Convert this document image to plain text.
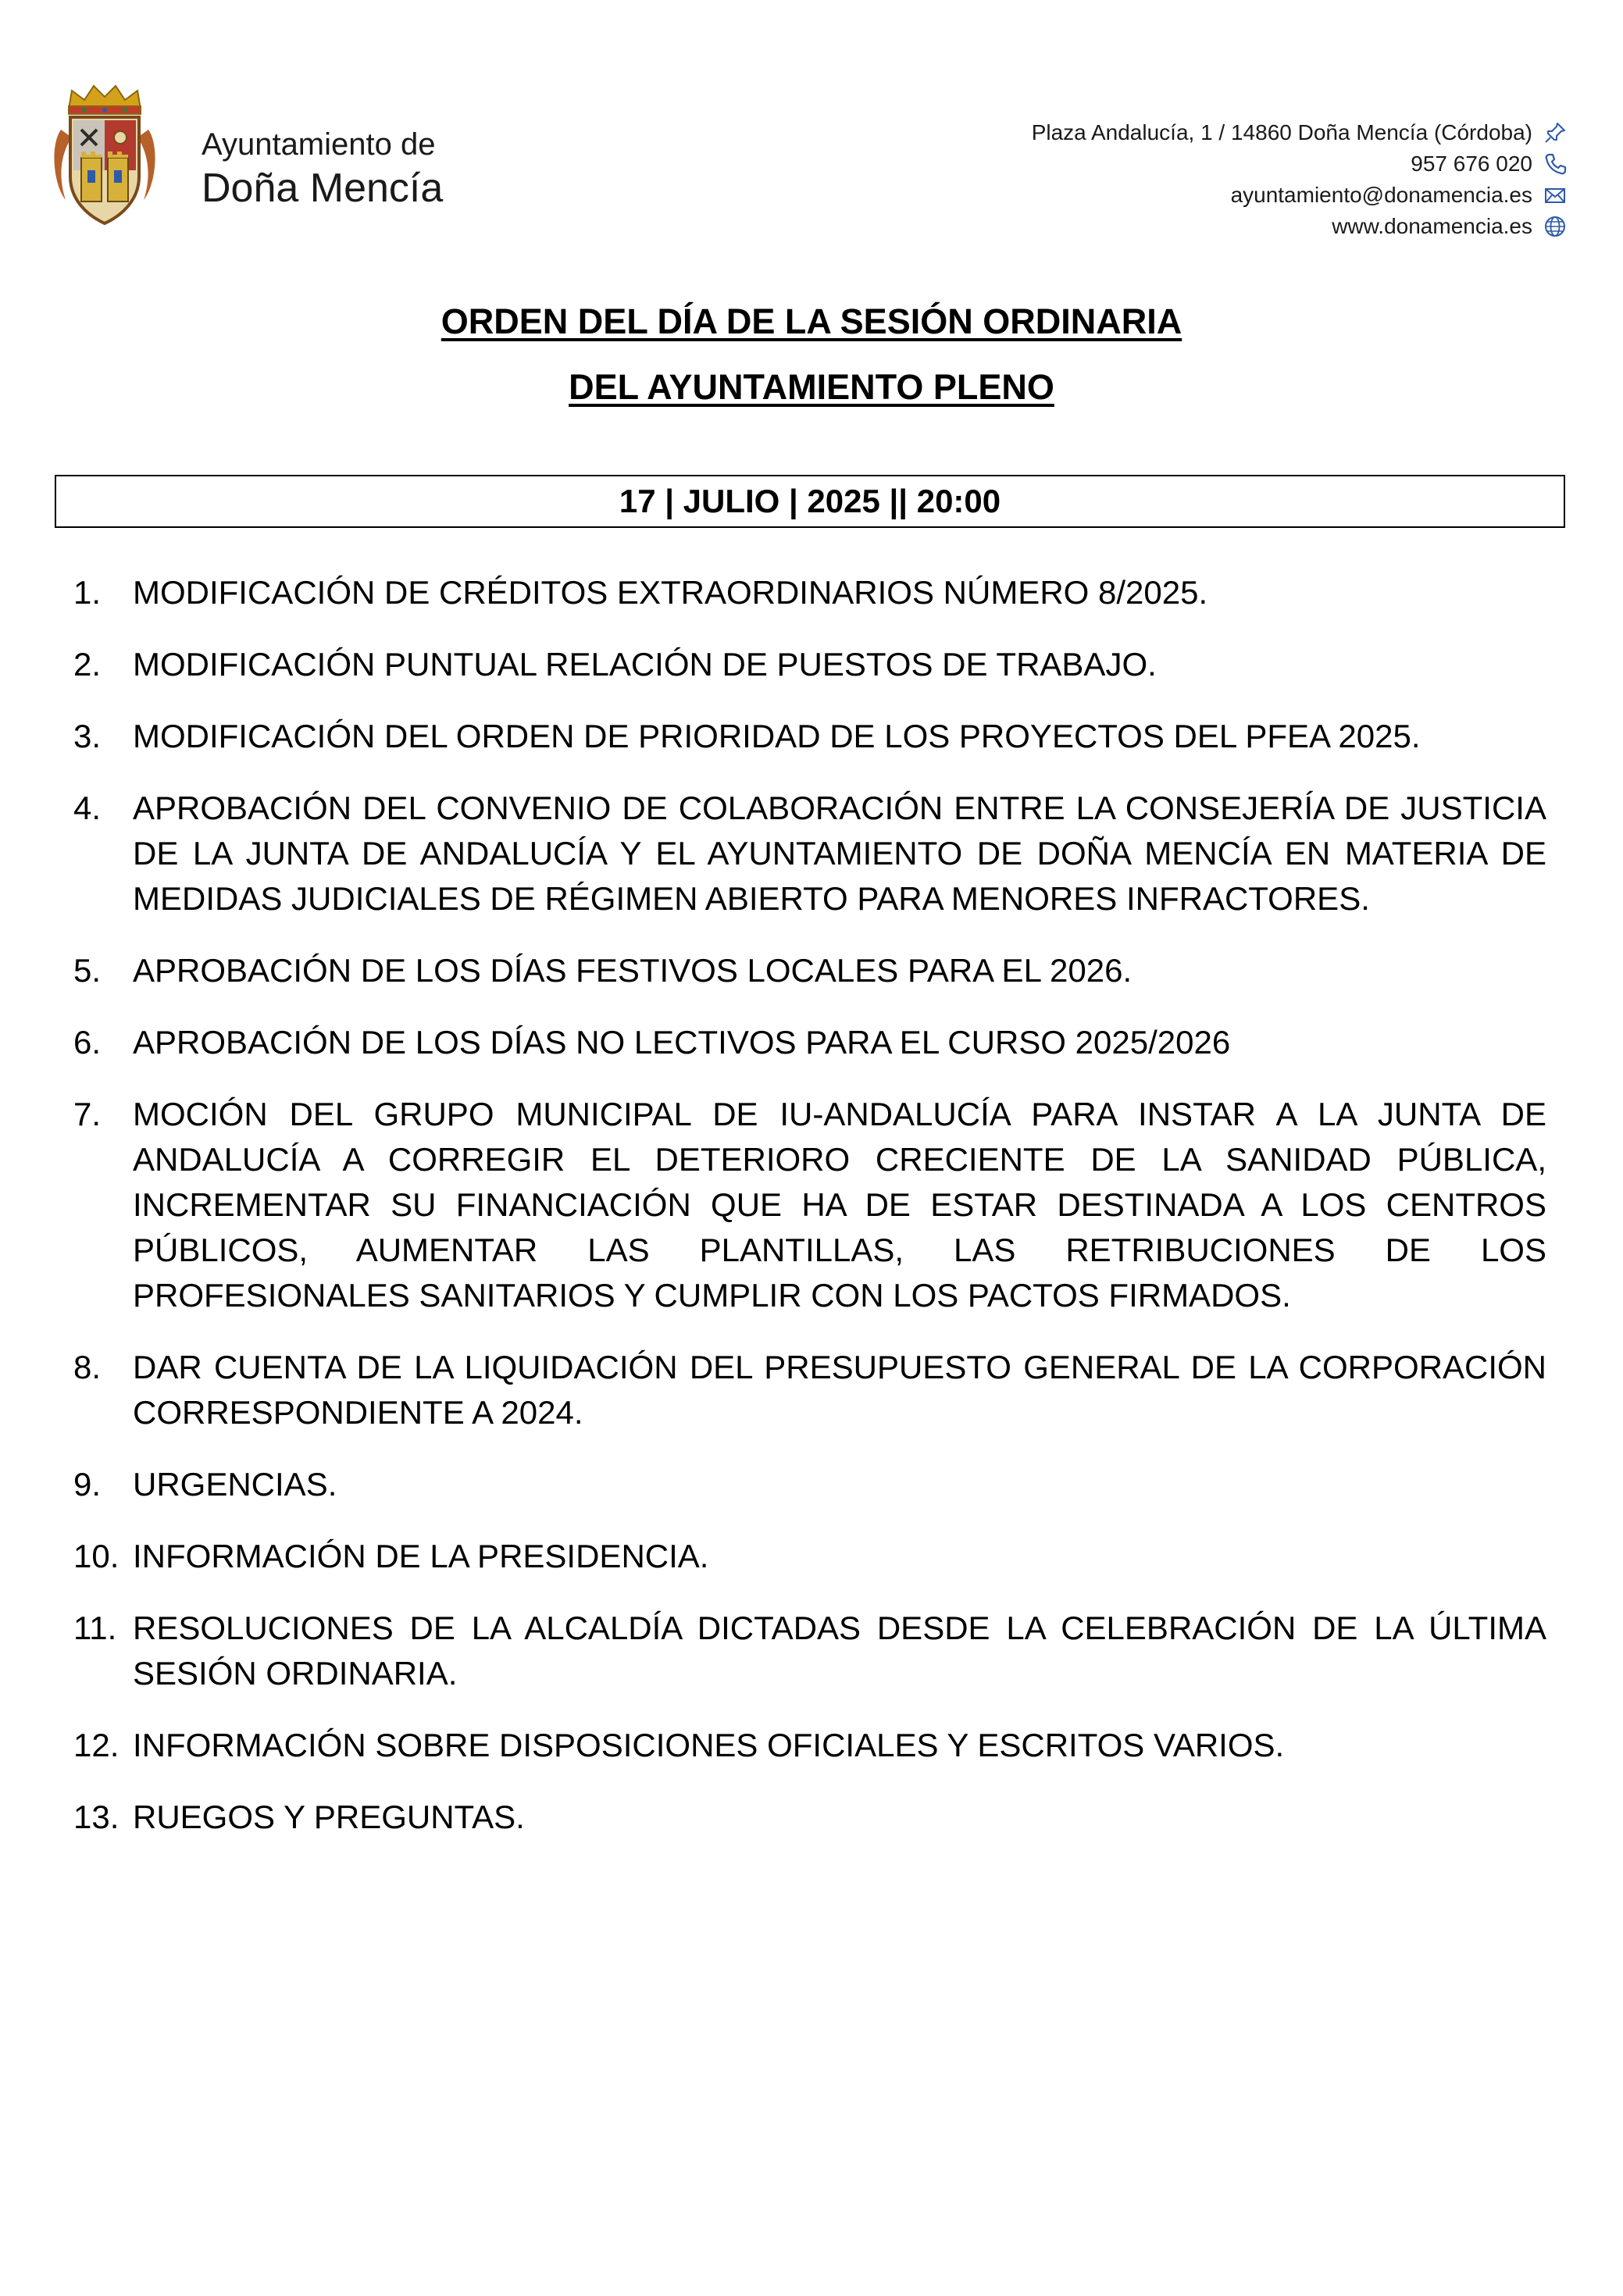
Ayuntamiento de
Doña Mencía
Plaza Andalucía, 1 / 14860 Doña Mencía (Córdoba)
957 676 020
ayuntamiento@donamencia.es
www.donamencia.es
ORDEN DEL DÍA DE LA SESIÓN ORDINARIA
DEL AYUNTAMIENTO PLENO
17 | JULIO | 2025 || 20:00
1. MODIFICACIÓN DE CRÉDITOS EXTRAORDINARIOS NÚMERO 8/2025.
2. MODIFICACIÓN PUNTUAL RELACIÓN DE PUESTOS DE TRABAJO.
3. MODIFICACIÓN DEL ORDEN DE PRIORIDAD DE LOS PROYECTOS DEL PFEA 2025.
4. APROBACIÓN DEL CONVENIO DE COLABORACIÓN ENTRE LA CONSEJERÍA DE JUSTICIA DE LA JUNTA DE ANDALUCÍA Y EL AYUNTAMIENTO DE DOÑA MENCÍA EN MATERIA DE MEDIDAS JUDICIALES DE RÉGIMEN ABIERTO PARA MENORES INFRACTORES.
5. APROBACIÓN DE LOS DÍAS FESTIVOS LOCALES PARA EL 2026.
6. APROBACIÓN DE LOS DÍAS NO LECTIVOS PARA EL CURSO 2025/2026
7. MOCIÓN DEL GRUPO MUNICIPAL DE IU-ANDALUCÍA PARA INSTAR A LA JUNTA DE ANDALUCÍA A CORREGIR EL DETERIORO CRECIENTE DE LA SANIDAD PÚBLICA, INCREMENTAR SU FINANCIACIÓN QUE HA DE ESTAR DESTINADA A LOS CENTROS PÚBLICOS, AUMENTAR LAS PLANTILLAS, LAS RETRIBUCIONES DE LOS PROFESIONALES SANITARIOS Y CUMPLIR CON LOS PACTOS FIRMADOS.
8. DAR CUENTA DE LA LIQUIDACIÓN DEL PRESUPUESTO GENERAL DE LA CORPORACIÓN CORRESPONDIENTE A 2024.
9. URGENCIAS.
10. INFORMACIÓN DE LA PRESIDENCIA.
11. RESOLUCIONES DE LA ALCALDÍA DICTADAS DESDE LA CELEBRACIÓN DE LA ÚLTIMA SESIÓN ORDINARIA.
12. INFORMACIÓN SOBRE DISPOSICIONES OFICIALES Y ESCRITOS VARIOS.
13. RUEGOS Y PREGUNTAS.
